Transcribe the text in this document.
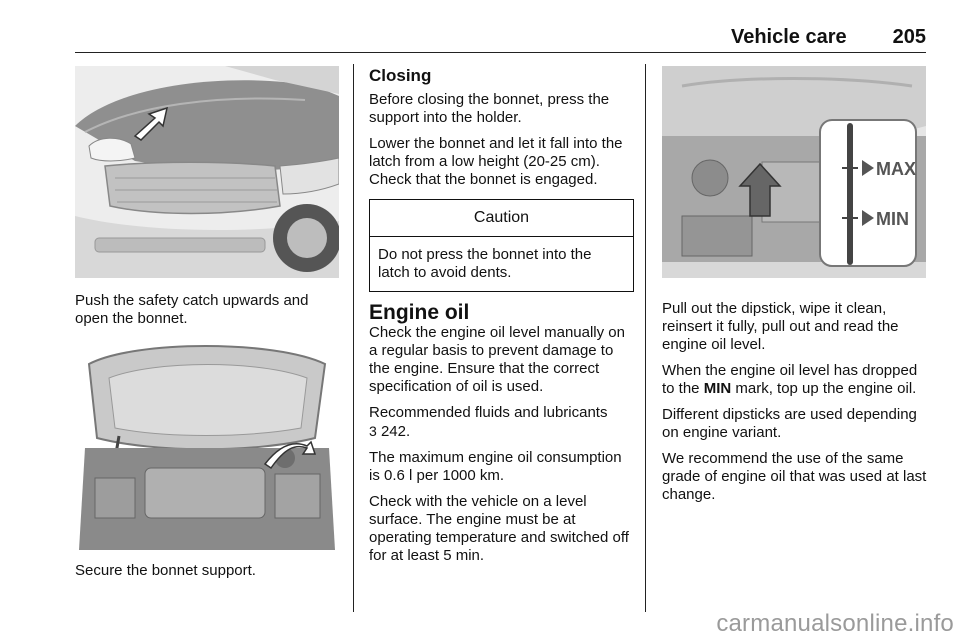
Vehicle care 205

Push the safety catch upwards and open the bonnet.

Secure the bonnet support.

Closing

Before closing the bonnet, press the support into the holder.

Lower the bonnet and let it fall into the latch from a low height (20-25 cm). Check that the bonnet is engaged.

Caution
Do not press the bonnet into the latch to avoid dents.
Engine oil

Check the engine oil level manually on a regular basis to prevent damage to the engine. Ensure that the correct specification of oil is used.

Recommended fluids and lubricants
3 242.

The maximum engine oil consumption is 0.6 l per 1000 km.

Check with the vehicle on a level surface. The engine must be at operating temperature and switched off for at least 5 min.

MAX
MIN

Pull out the dipstick, wipe it clean, reinsert it fully, pull out and read the engine oil level.

When the engine oil level has dropped to the MIN mark, top up the engine oil.

Different dipsticks are used depending on engine variant.

We recommend the use of the same grade of engine oil that was used at last change.

carmanualsonline.info
